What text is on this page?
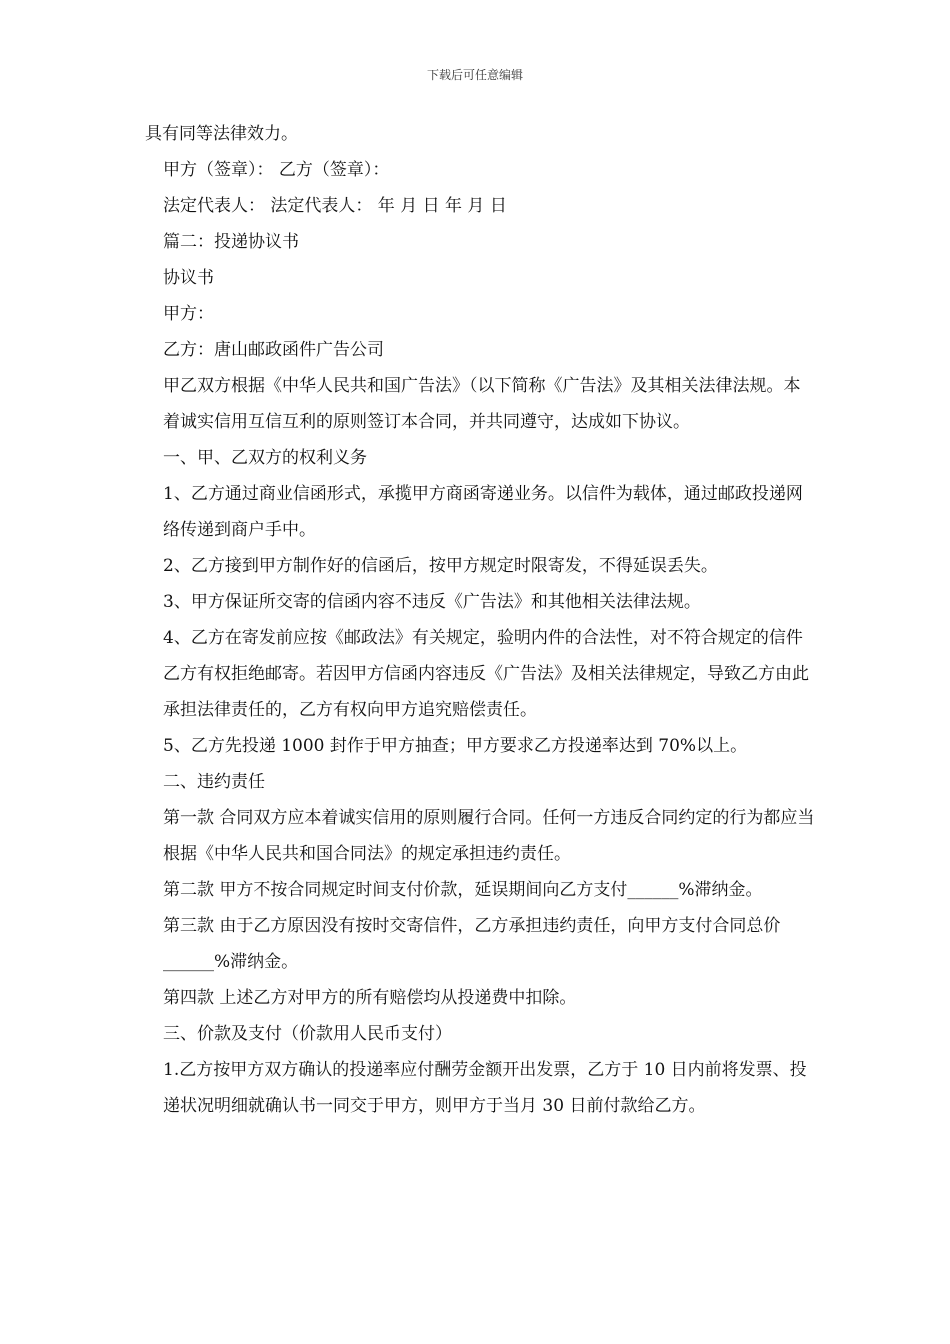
下载后可任意编辑

具有同等法律效力。

甲方（签章）： 乙方（签章）：

法定代表人： 法定代表人： 年 月 日 年 月 日

篇二：投递协议书

协议书

甲方：

乙方：唐山邮政函件广告公司

甲乙双方根据《中华人民共和国广告法》（以下简称《广告法》及其相关法律法规。本着诚实信用互信互利的原则签订本合同，并共同遵守，达成如下协议。

一、甲、乙双方的权利义务

1、乙方通过商业信函形式，承揽甲方商函寄递业务。以信件为载体，通过邮政投递网络传递到商户手中。

2、乙方接到甲方制作好的信函后，按甲方规定时限寄发，不得延误丢失。

3、甲方保证所交寄的信函内容不违反《广告法》和其他相关法律法规。

4、乙方在寄发前应按《邮政法》有关规定，验明内件的合法性，对不符合规定的信件乙方有权拒绝邮寄。若因甲方信函内容违反《广告法》及相关法律规定，导致乙方由此承担法律责任的，乙方有权向甲方追究赔偿责任。

5、乙方先投递 1000 封作于甲方抽查；甲方要求乙方投递率达到 70%以上。

二、违约责任

第一款 合同双方应本着诚实信用的原则履行合同。任何一方违反合同约定的行为都应当根据《中华人民共和国合同法》的规定承担违约责任。

第二款 甲方不按合同规定时间支付价款，延误期间向乙方支付______%滞纳金。

第三款 由于乙方原因没有按时交寄信件，乙方承担违约责任，向甲方支付合同总价______%滞纳金。

第四款 上述乙方对甲方的所有赔偿均从投递费中扣除。

三、价款及支付（价款用人民币支付）

1.乙方按甲方双方确认的投递率应付酬劳金额开出发票，乙方于 10 日内前将发票、投递状况明细就确认书一同交于甲方，则甲方于当月 30 日前付款给乙方。
